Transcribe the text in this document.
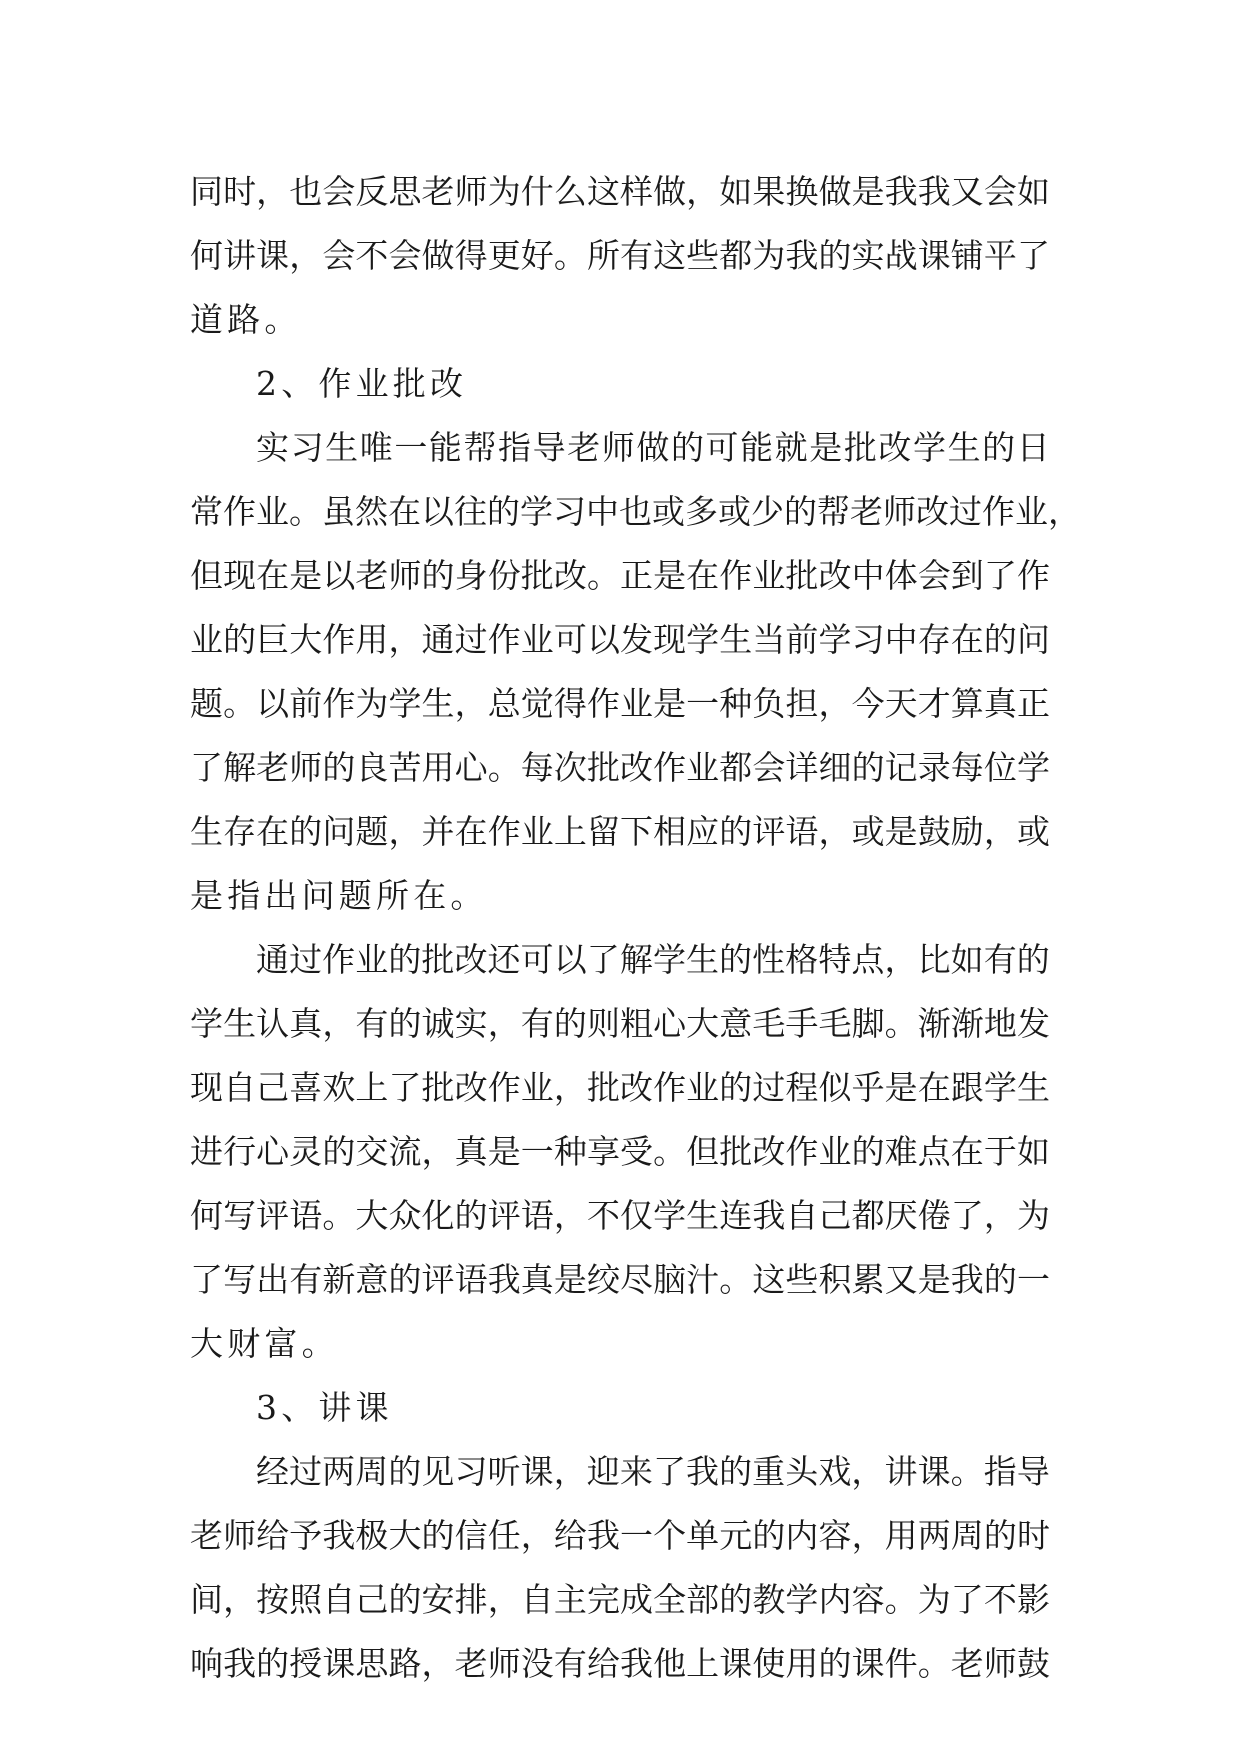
同 时 ， 也 会 反 思 老 师 为 什 么 这 样 做 ， 如 果 换 做 是 我 我 又 会 如
何 讲 课 ， 会 不 会 做 得 更 好 。 所 有 这 些 都 为 我 的 实 战 课 铺 平 了
道路。
2、作业批改
实 习 生 唯 一 能 帮 指 导 老 师 做 的 可 能 就 是 批 改 学 生 的 日
常 作 业 。 虽 然 在 以 往 的 学 习 中 也 或 多 或 少 的 帮 老 师 改 过 作 业 ，
但 现 在 是 以 老 师 的 身 份 批 改 。 正 是 在 作 业 批 改 中 体 会 到 了 作
业 的 巨 大 作 用 ， 通 过 作 业 可 以 发 现 学 生 当 前 学 习 中 存 在 的 问
题 。 以 前 作 为 学 生 ， 总 觉 得 作 业 是 一 种 负 担 ， 今 天 才 算 真 正
了 解 老 师 的 良 苦 用 心 。 每 次 批 改 作 业 都 会 详 细 的 记 录 每 位 学
生 存 在 的 问 题 ， 并 在 作 业 上 留 下 相 应 的 评 语 ， 或 是 鼓 励 ， 或
是指出问题所在。
通 过 作 业 的 批 改 还 可 以 了 解 学 生 的 性 格 特 点 ， 比 如 有 的
学 生 认 真 ， 有 的 诚 实 ， 有 的 则 粗 心 大 意 毛 手 毛 脚 。 渐 渐 地 发
现 自 己 喜 欢 上 了 批 改 作 业 ， 批 改 作 业 的 过 程 似 乎 是 在 跟 学 生
进 行 心 灵 的 交 流 ， 真 是 一 种 享 受 。 但 批 改 作 业 的 难 点 在 于 如
何 写 评 语 。 大 众 化 的 评 语 ， 不 仅 学 生 连 我 自 己 都 厌 倦 了 ， 为
了 写 出 有 新 意 的 评 语 我 真 是 绞 尽 脑 汁 。 这 些 积 累 又 是 我 的 一
大财富。
3、讲课
经 过 两 周 的 见 习 听 课 ， 迎 来 了 我 的 重 头 戏 ， 讲 课 。 指 导
老 师 给 予 我 极 大 的 信 任 ， 给 我 一 个 单 元 的 内 容 ， 用 两 周 的 时
间 ， 按 照 自 己 的 安 排 ， 自 主 完 成 全 部 的 教 学 内 容 。 为 了 不 影
响 我 的 授 课 思 路 ， 老 师 没 有 给 我 他 上 课 使 用 的 课 件 。 老 师 鼓
